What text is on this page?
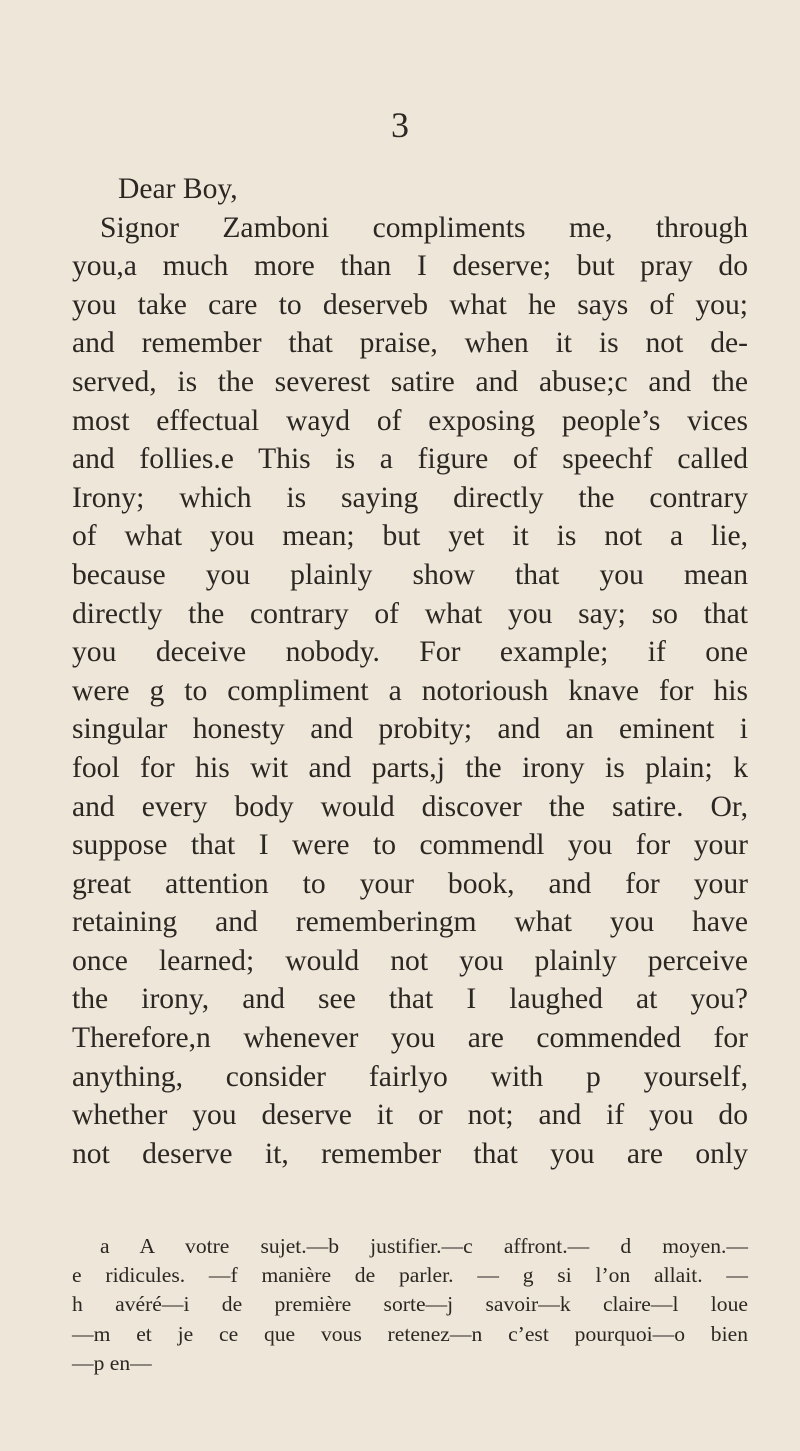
3
Dear Boy,
Signor Zamboni compliments me, through
you,a much more than I deserve; but pray do
you take care to deserveb what he says of you;
and remember that praise, when it is not de-
served, is the severest satire and abuse;c and the
most effectual wayd of exposing people’s vices
and follies.e This is a figure of speechf called
Irony; which is saying directly the contrary
of what you mean; but yet it is not a lie,
because you plainly show that you mean
directly the contrary of what you say; so that
you deceive nobody. For example; if one
were g to compliment a notorioush knave for his
singular honesty and probity; and an eminent i
fool for his wit and parts,j the irony is plain; k
and every body would discover the satire. Or,
suppose that I were to commendl you for your
great attention to your book, and for your
retaining and rememberingm what you have
once learned; would not you plainly perceive
the irony, and see that I laughed at you?
Therefore,n whenever you are commended for
anything, consider fairlyo with p yourself,
whether you deserve it or not; and if you do
not deserve it, remember that you are only
a A votre sujet.—b justifier.—c affront.— d moyen.—
e ridicules. —f manière de parler. — g si l’on allait. —
h avéré—i de première sorte—j savoir—k claire—l loue
—m et je ce que vous retenez—n c’est pourquoi—o bien
—p en—
